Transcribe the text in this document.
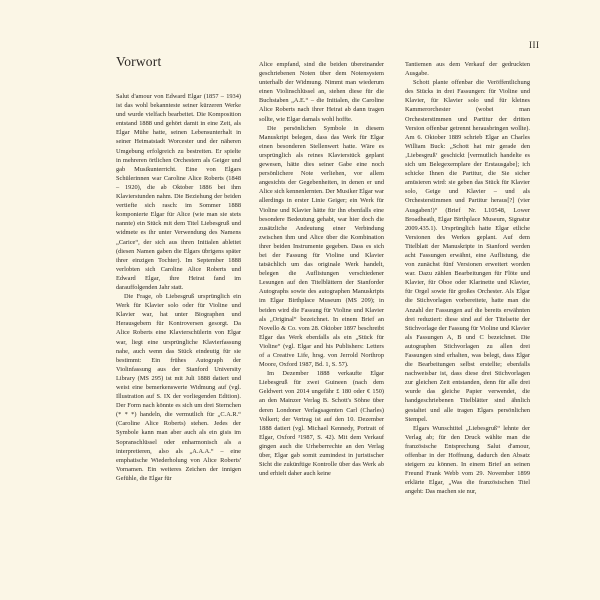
III
Vorwort

Salut d'amour von Edward Elgar (1857 – 1934) ist das wohl bekannteste seiner kürzeren Werke und wurde vielfach bearbeitet. Die Komposition entstand 1888 und gehört damit in eine Zeit, als Elgar Mühe hatte, seinen Lebensunterhalt in seiner Heimatstadt Worcester und der näheren Umgebung erfolgreich zu bestreiten. Er spielte in mehreren örtlichen Orchestern als Geiger und gab Musikunterricht. Eine von Elgars Schülerinnen war Caroline Alice Roberts (1848 – 1920), die ab Oktober 1886 bei ihm Klavierstunden nahm. Die Beziehung der beiden vertiefte sich rasch: im Sommer 1888 komponierte Elgar für Alice (wie man sie stets nannte) ein Stück mit dem Titel Liebesgruß und widmete es ihr unter Verwendung des Namens „Carice“, der sich aus ihren Initialen ableitet (diesen Namen gaben die Elgars übrigens später ihrer einzigen Tochter). Im September 1888 verlobten sich Caroline Alice Roberts und Edward Elgar, ihre Heirat fand im darauffolgenden Jahr statt.

Die Frage, ob Liebesgruß ursprünglich ein Werk für Klavier solo oder für Violine und Klavier war, hat unter Biographen und Herausgebern für Kontroversen gesorgt. Da Alice Roberts eine Klavierschülerin von Elgar war, liegt eine ursprüngliche Klavierfassung nahe, auch wenn das Stück eindeutig für sie bestimmt: Ein frühes Autograph der Violinfassung aus der Stanford University Library (MS 295) ist mit Juli 1888 datiert und weist eine bemerkenswerte Widmung auf (vgl. Illustration auf S. IX der vorliegenden Edition). Der Form nach könnte es sich um drei Sternchen (* * *) handeln, die vermutlich für „C.A.R.“ (Caroline Alice Roberts) stehen. Jedes der Symbole kann man aber auch als ein gisis im Sopranschlüssel oder enharmonisch als a interpretieren, also als „A.A.A.“ – eine emphatische Wiederholung von Alice Roberts' Vornamen. Ein weiteres Zeichen der innigen Gefühle, die Elgar für

Alice empfand, sind die beiden übereinander geschriebenen Noten über dem Notensystem unterhalb der Widmung. Nimmt man wiederum einen Violinschlüssel an, stehen diese für die Buchstaben „A.E.“ – die Initialen, die Caroline Alice Roberts nach ihrer Heirat ab dann tragen sollte, wie Elgar damals wohl hoffte.

Die persönlichen Symbole in diesem Manuskript belegen, dass das Werk für Elgar einen besonderen Stellenwert hatte. Wäre es ursprünglich als reines Klavierstück geplant gewesen, hätte dies seiner Gabe eine noch persönlichere Note verliehen, vor allem angesichts der Gegebenheiten, in denen er und Alice sich kennenlernten. Der Musiker Elgar war allerdings in erster Linie Geiger; ein Werk für Violine und Klavier hätte für ihn ebenfalls eine besondere Bedeutung gehabt, war hier doch die zusätzliche Andeutung einer Verbindung zwischen ihm und Alice über die Kombination ihrer beiden Instrumente gegeben. Dass es sich bei der Fassung für Violine und Klavier tatsächlich um das originale Werk handelt, belegen die Auflistungen verschiedener Lesungen auf den Titelblättern der Stanforder Autographs sowie des autographen Manuskripts im Elgar Birthplace Museum (MS 209); in beiden wird die Fassung für Violine und Klavier als „Original“ bezeichnet. In einem Brief an Novello & Co. vom 28. Oktober 1897 beschreibt Elgar das Werk ebenfalls als ein „Stück für Violine“ (vgl. Elgar and his Publishers: Letters of a Creative Life, hrsg. von Jerrold Northrop Moore, Oxford 1987, Bd. 1, S. 57).

Im Dezember 1888 verkaufte Elgar Liebesgruß für zwei Guineen (nach dem Geldwert von 2014 ungefähr £ 180 oder € 150) an den Mainzer Verlag B. Schott's Söhne über deren Londoner Verlagsagenten Carl (Charles) Volkert; der Vertrag ist auf den 10. Dezember 1888 datiert (vgl. Michael Kennedy, Portrait of Elgar, Oxford ³1987, S. 42). Mit dem Verkauf gingen auch die Urheberrechte an den Verlag über, Elgar gab somit zumindest in juristischer Sicht die zukünftige Kontrolle über das Werk ab und erhielt daher auch keine

Tantiemen aus dem Verkauf der gedruckten Ausgabe.

Schott plante offenbar die Veröffentlichung des Stücks in drei Fassungen: für Violine und Klavier, für Klavier solo und für kleines Kammerorchester (wobei man Orchesterstimmen und Partitur der dritten Version offenbar getrennt herausbringen wollte). Am 6. Oktober 1889 schrieb Elgar an Charles William Buck: „Schott hat mir gerade den ‚Liebesgruß‘ geschickt [vermutlich handelte es sich um Belegexemplare der Erstausgabe]; ich schicke Ihnen die Partitur, die Sie sicher amüsieren wird: sie geben das Stück für Klavier solo, Geige und Klavier – und als Orchesterstimmen und Partitur heraus[?] (vier Ausgaben!)“ (Brief Nr. L10548, Lower Broadheath, Elgar Birthplace Museum, Signatur 2009.435.1). Ursprünglich hatte Elgar etliche Versionen des Werkes geplant. Auf dem Titelblatt der Manuskripte in Stanford werden acht Fassungen erwähnt, eine Auflistung, die von zunächst fünf Versionen erweitert worden war. Dazu zählen Bearbeitungen für Flöte und Klavier, für Oboe oder Klarinette und Klavier, für Orgel sowie für großes Orchester. Als Elgar die Stichvorlagen vorbereitete, hatte man die Anzahl der Fassungen auf die bereits erwähnten drei reduziert: diese sind auf der Titelseite der Stichvorlage der Fassung für Violine und Klavier als Fassungen A, B und C bezeichnet. Die autographen Stichvorlagen zu allen drei Fassungen sind erhalten, was belegt, dass Elgar die Bearbeitungen selbst erstellte; ebenfalls nachweisbar ist, dass diese drei Stichvorlagen zur gleichen Zeit entstanden, denn für alle drei wurde das gleiche Papier verwendet, die handgeschriebenen Titelblätter sind ähnlich gestaltet und alle tragen Elgars persönlichen Stempel.

Elgars Wunschtitel „Liebesgruß“ lehnte der Verlag ab; für den Druck wählte man die französische Entsprechung Salut d'amour, offenbar in der Hoffnung, dadurch den Absatz steigern zu können. In einem Brief an seinen Freund Frank Webb vom 29. November 1899 erklärte Elgar, „Was die französischen Titel angeht: Das machen sie nur,
